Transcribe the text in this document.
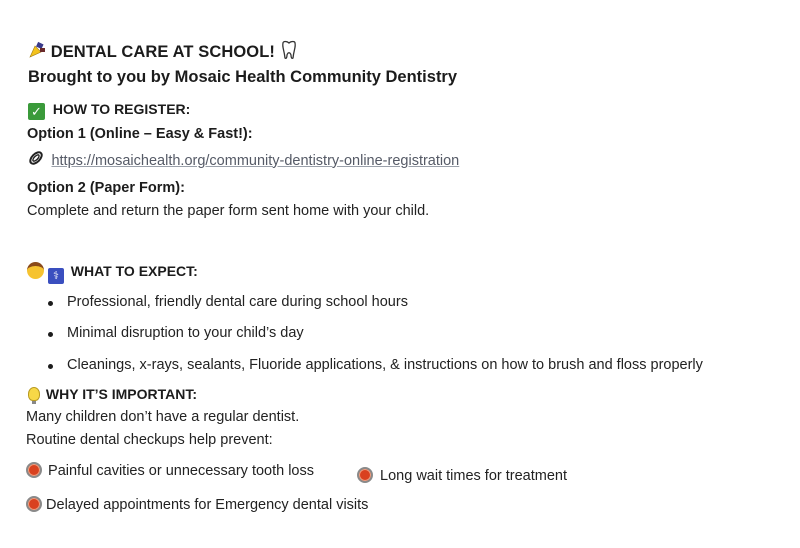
DENTAL CARE AT SCHOOL!
Brought to you by Mosaic Health Community Dentistry
✓ HOW TO REGISTER:
Option 1 (Online – Easy & Fast!):
https://mosaichealth.org/community-dentistry-online-registration
Option 2 (Paper Form):
Complete and return the paper form sent home with your child.
⚕ WHAT TO EXPECT:
Professional, friendly dental care during school hours
Minimal disruption to your child’s day
Cleanings, x-rays, sealants, Fluoride applications, & instructions on how to brush and floss properly
WHY IT’S IMPORTANT:
Many children don’t have a regular dentist.
Routine dental checkups help prevent:
Painful cavities or unnecessary tooth loss	Long wait times for treatment
Delayed appointments for Emergency dental visits
